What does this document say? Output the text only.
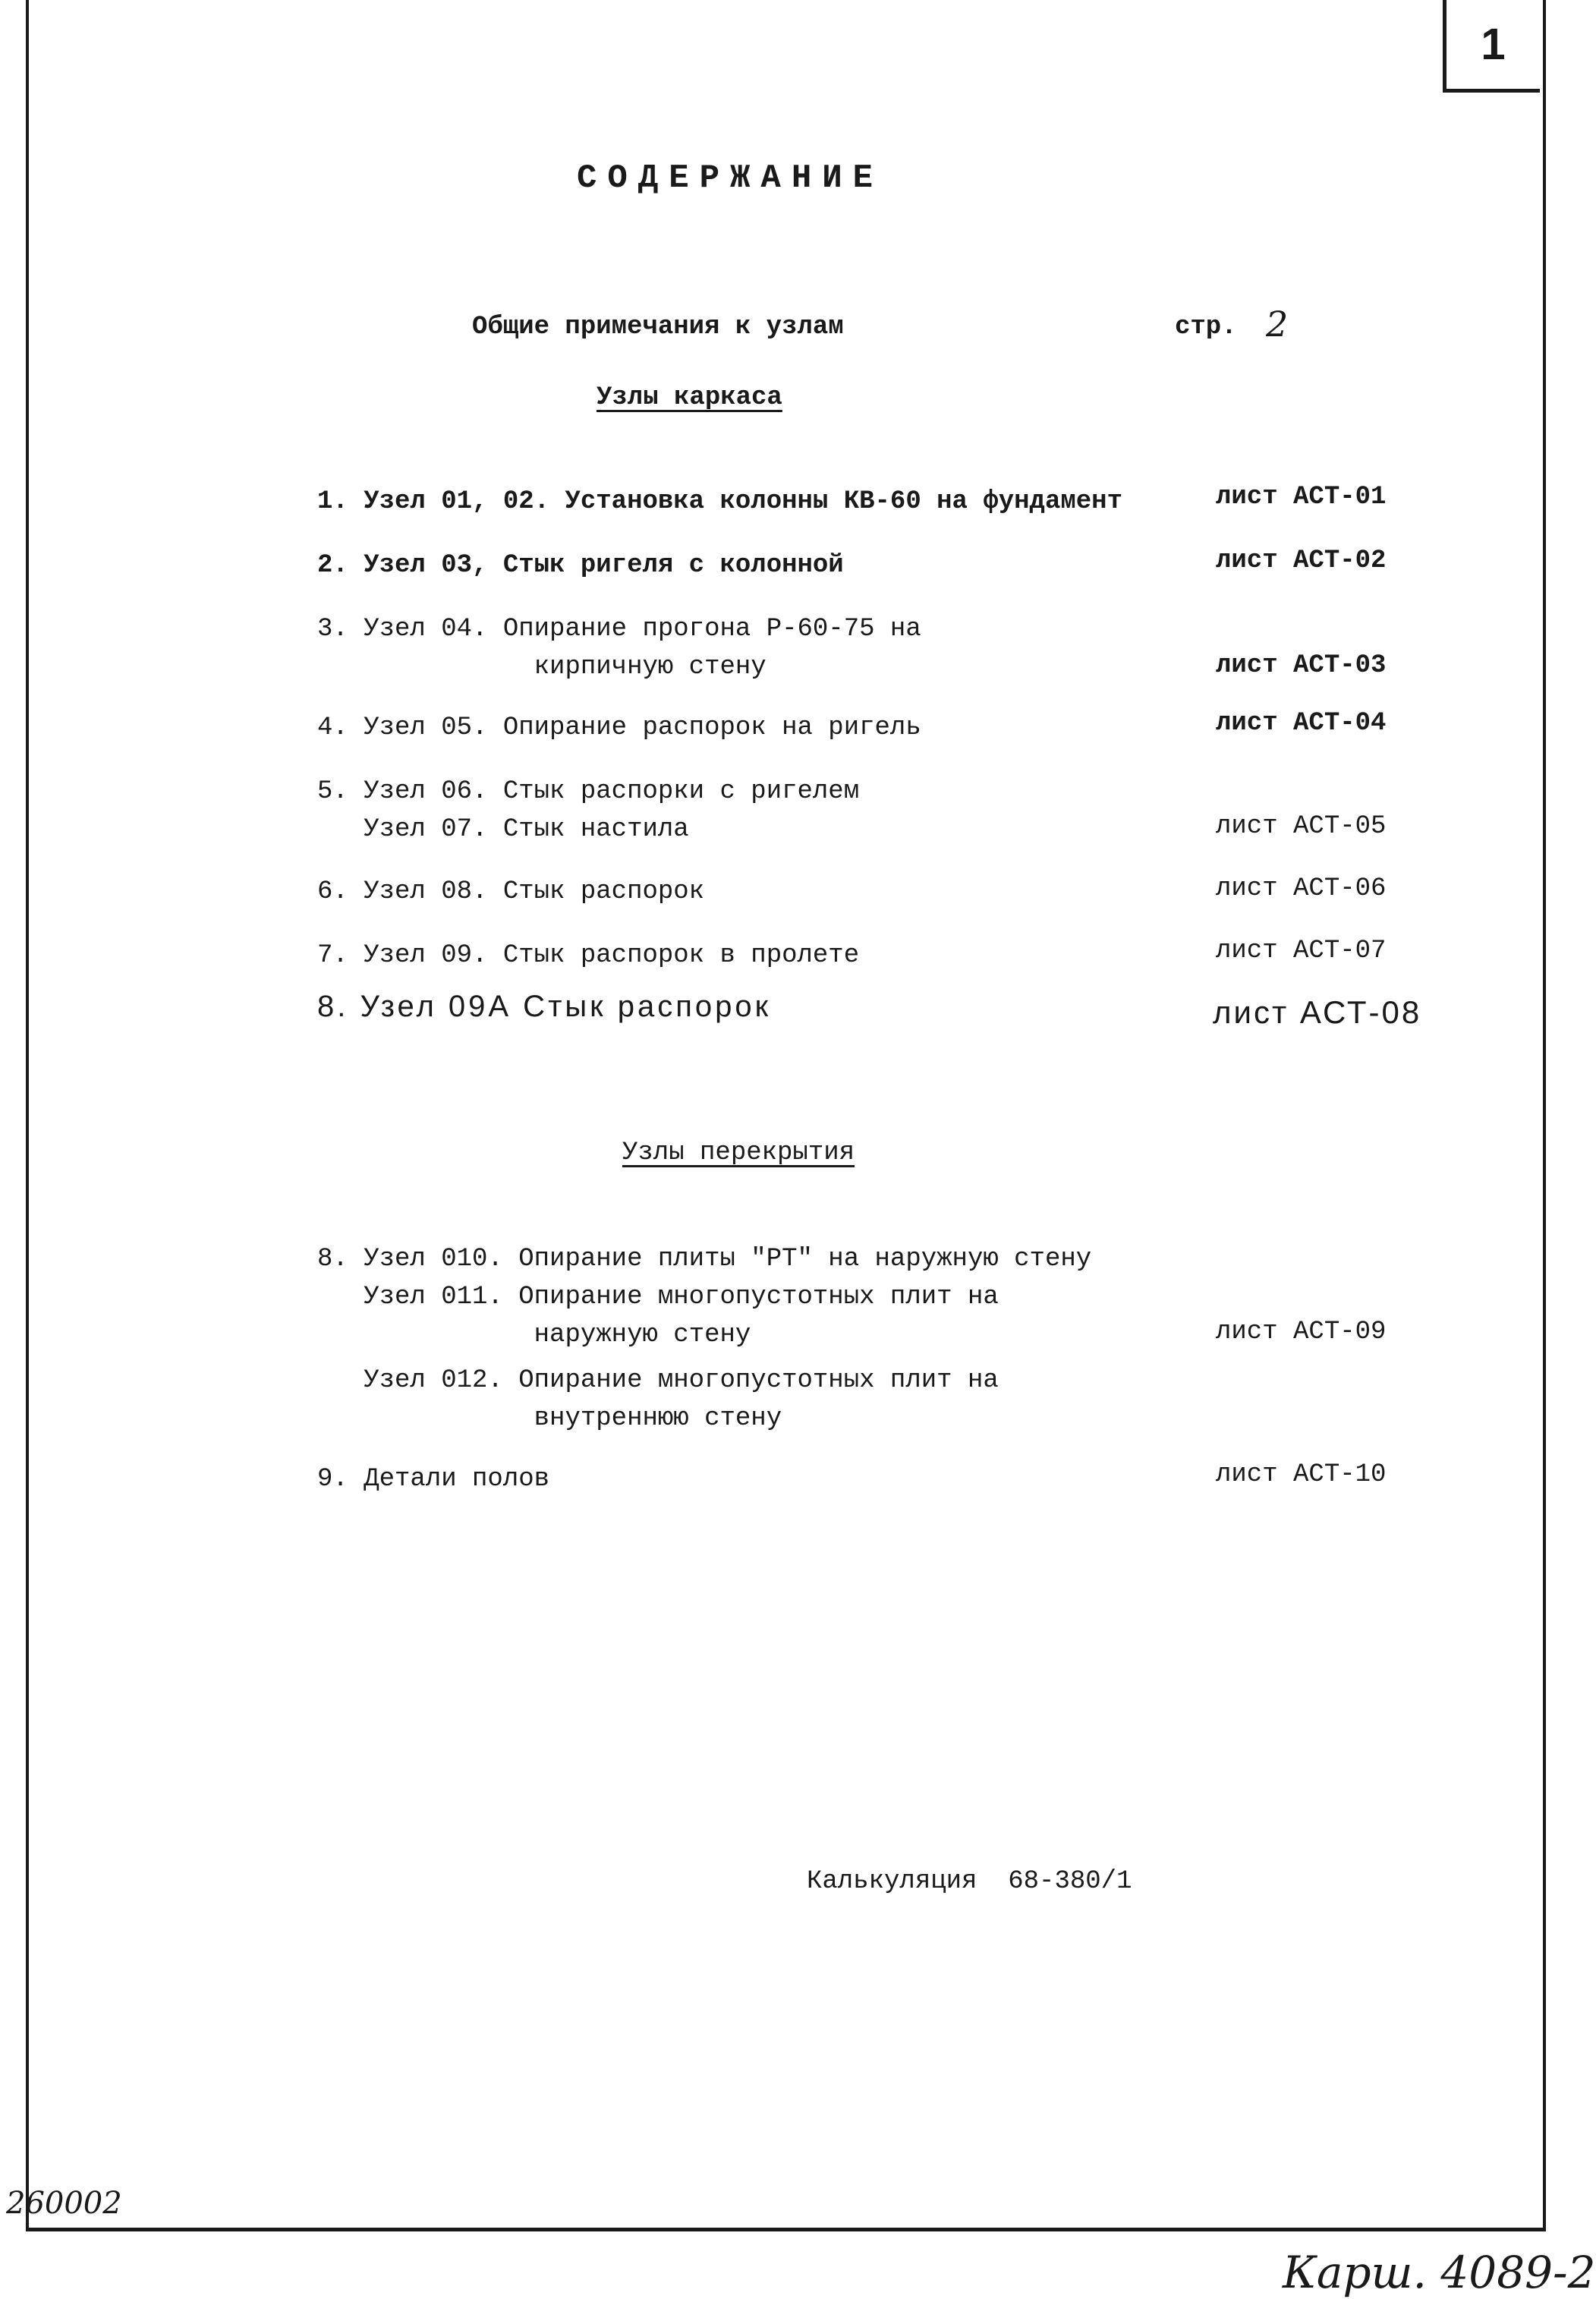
1
СОДЕРЖАНИЕ
Общие примечания к узлам	стр. 2
Узлы каркаса
1. Узел 01, 02. Установка колонны КВ-60 на фундамент	лист АСТ-01
2. Узел 03, Стык ригеля с колонной	лист АСТ-02
3. Узел 04. Опирание прогона Р-60-75 на
кирпичную стену	лист АСТ-03
4. Узел 05. Опирание распорок на ригель	лист АСТ-04
5. Узел 06. Стык распорки с ригелем
Узел 07. Стык настила	лист АСТ-05
6. Узел 08. Стык распорок	лист АСТ-06
7. Узел 09. Стык распорок в пролете	лист АСТ-07
8. Узел 09А Стык распорок	лист АСТ-08
Узлы перекрытия
8. Узел 010. Опирание плиты "РТ" на наружную стену
Узел 011. Опирание многопустотных плит на
наружную стену	лист АСТ-09
Узел 012. Опирание многопустотных плит на
внутреннюю стену
9. Детали полов	лист АСТ-10
Калькуляция  68-380/1
260002
Карш. 4089-2
